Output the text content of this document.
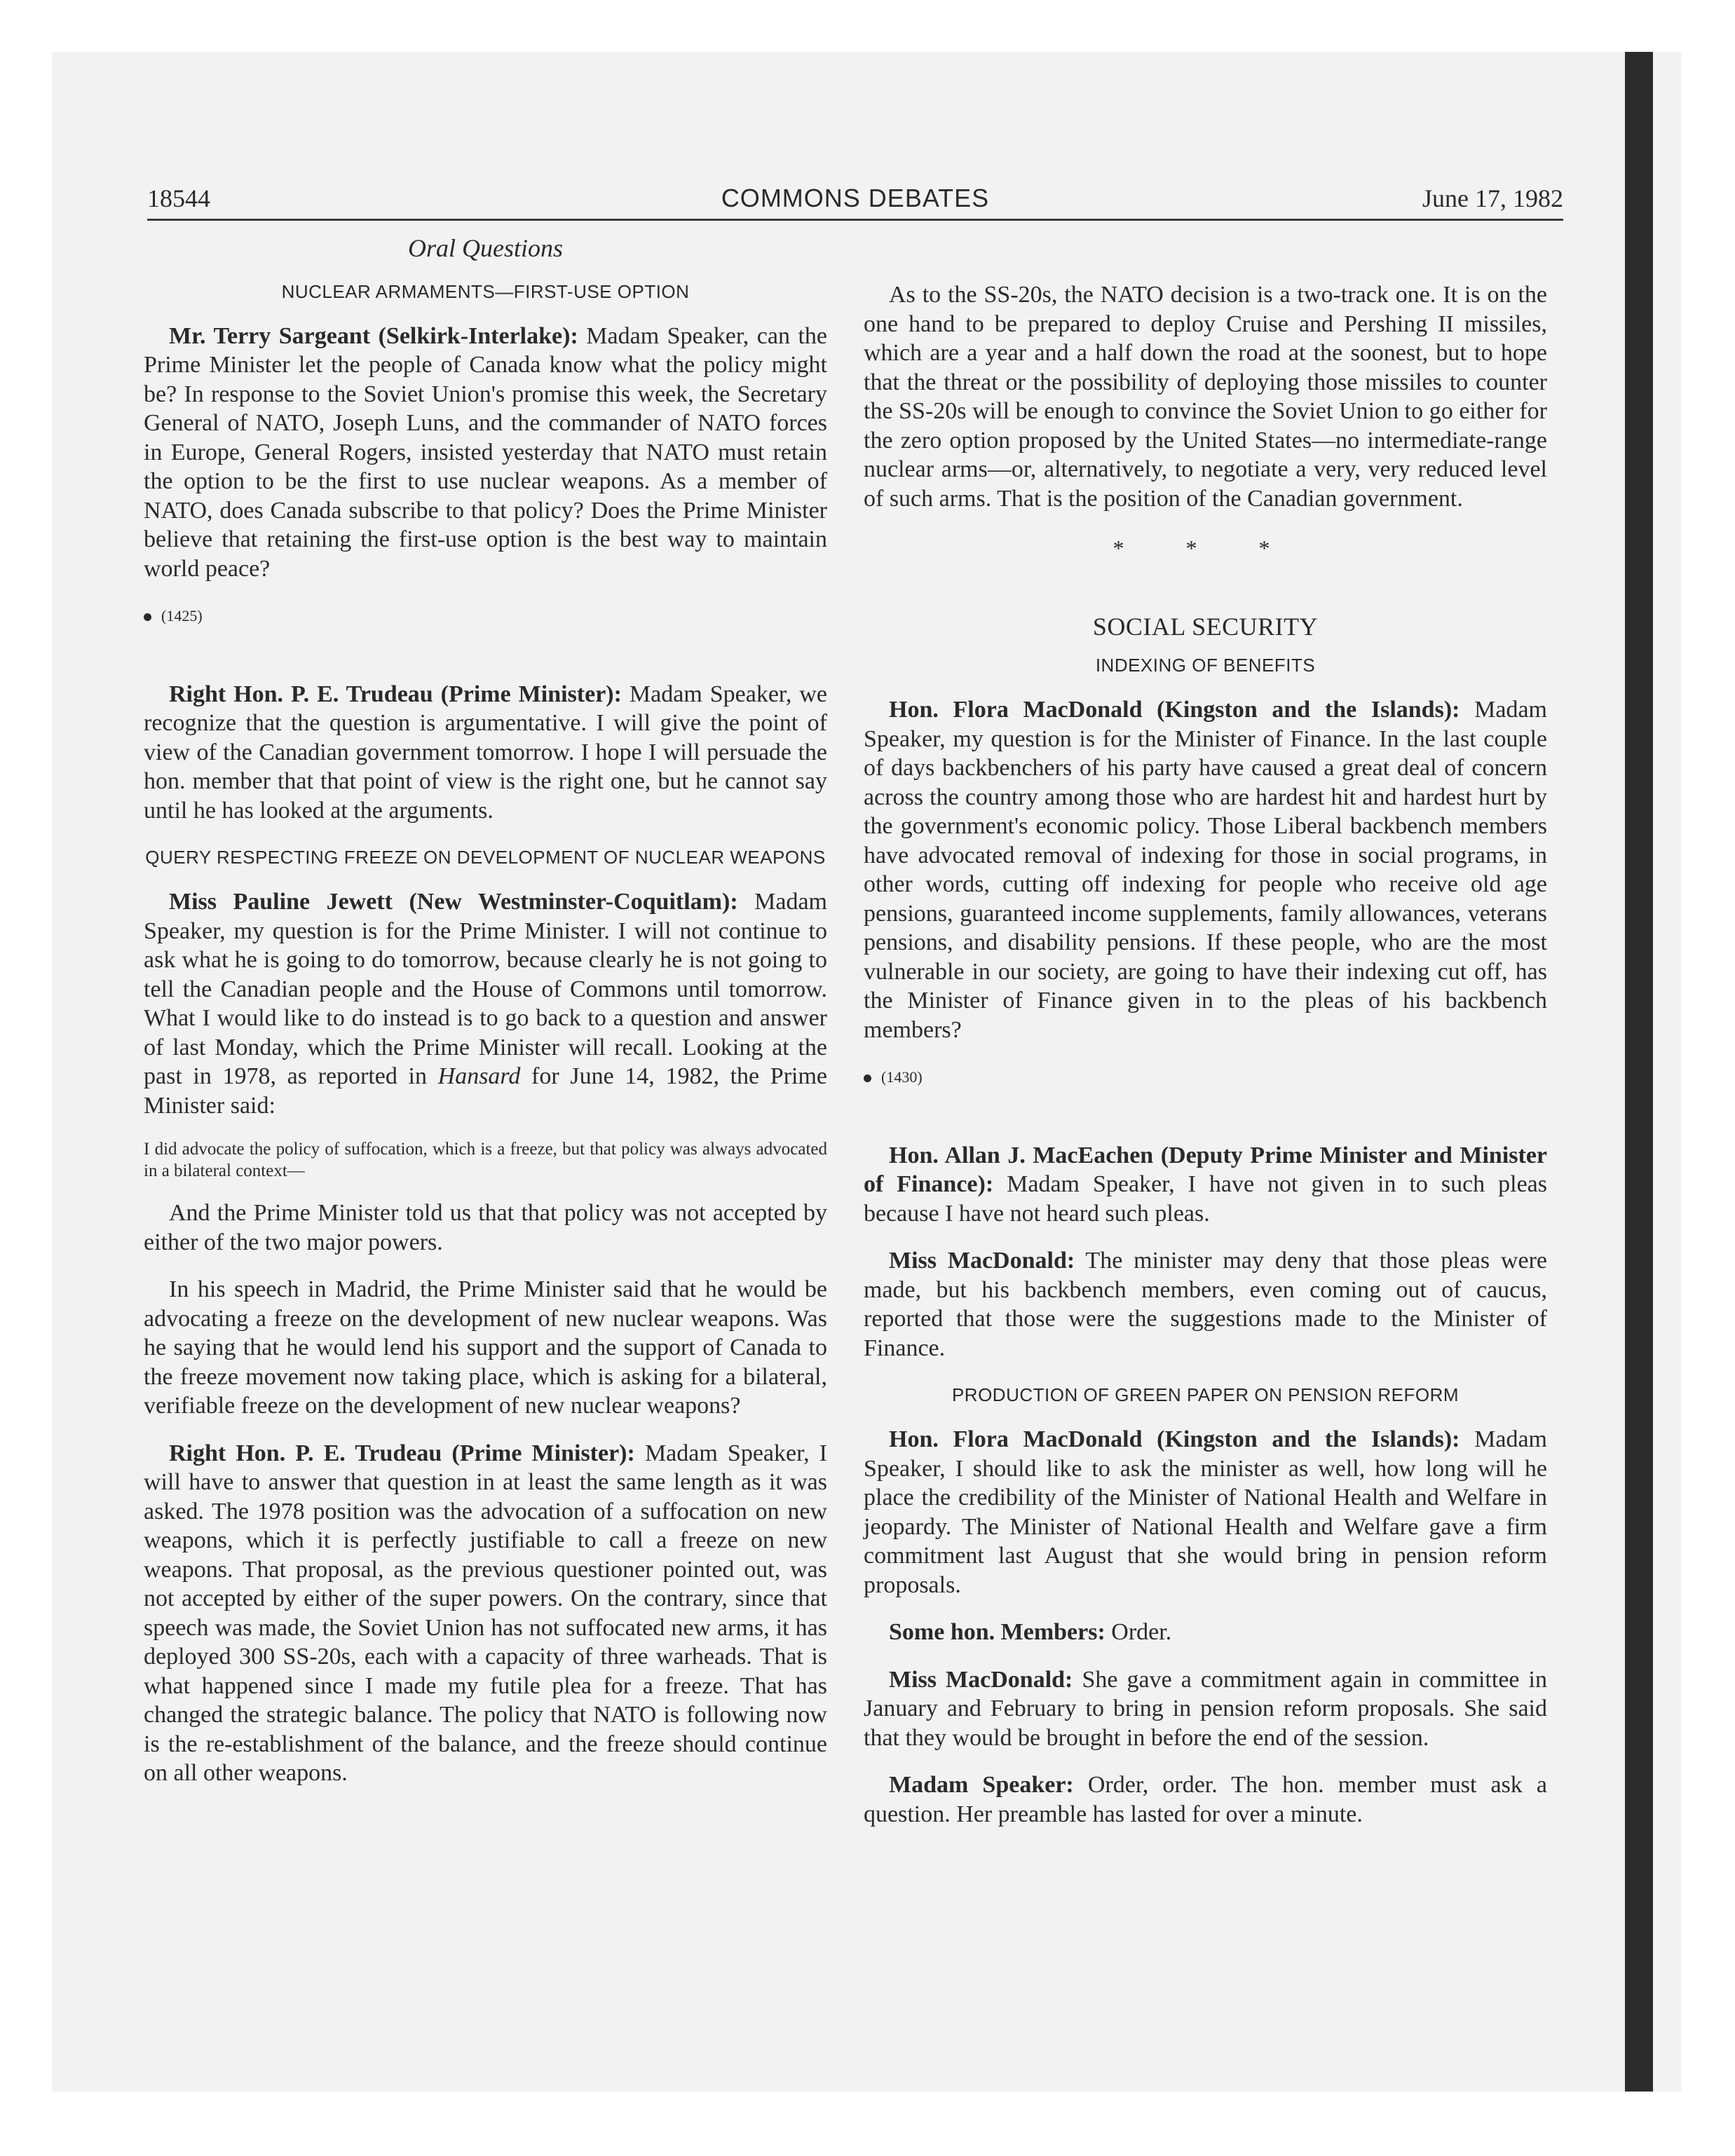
18544	COMMONS DEBATES	June 17, 1982

Oral Questions

NUCLEAR ARMAMENTS—FIRST-USE OPTION

Mr. Terry Sargeant (Selkirk-Interlake): Madam Speaker, can the Prime Minister let the people of Canada know what the policy might be? In response to the Soviet Union's promise this week, the Secretary General of NATO, Joseph Luns, and the commander of NATO forces in Europe, General Rogers, insisted yesterday that NATO must retain the option to be the first to use nuclear weapons. As a member of NATO, does Canada subscribe to that policy? Does the Prime Minister believe that retaining the first-use option is the best way to maintain world peace?

(1425)

Right Hon. P. E. Trudeau (Prime Minister): Madam Speaker, we recognize that the question is argumentative. I will give the point of view of the Canadian government tomorrow. I hope I will persuade the hon. member that that point of view is the right one, but he cannot say until he has looked at the arguments.

QUERY RESPECTING FREEZE ON DEVELOPMENT OF NUCLEAR WEAPONS

Miss Pauline Jewett (New Westminster-Coquitlam): Madam Speaker, my question is for the Prime Minister. I will not continue to ask what he is going to do tomorrow, because clearly he is not going to tell the Canadian people and the House of Commons until tomorrow. What I would like to do instead is to go back to a question and answer of last Monday, which the Prime Minister will recall. Looking at the past in 1978, as reported in Hansard for June 14, 1982, the Prime Minister said:

I did advocate the policy of suffocation, which is a freeze, but that policy was always advocated in a bilateral context—

And the Prime Minister told us that that policy was not accepted by either of the two major powers.

In his speech in Madrid, the Prime Minister said that he would be advocating a freeze on the development of new nuclear weapons. Was he saying that he would lend his support and the support of Canada to the freeze movement now taking place, which is asking for a bilateral, verifiable freeze on the development of new nuclear weapons?

Right Hon. P. E. Trudeau (Prime Minister): Madam Speaker, I will have to answer that question in at least the same length as it was asked. The 1978 position was the advocation of a suffocation on new weapons, which it is perfectly justifiable to call a freeze on new weapons. That proposal, as the previous questioner pointed out, was not accepted by either of the super powers. On the contrary, since that speech was made, the Soviet Union has not suffocated new arms, it has deployed 300 SS-20s, each with a capacity of three warheads. That is what happened since I made my futile plea for a freeze. That has changed the strategic balance. The policy that NATO is following now is the re-establishment of the balance, and the freeze should continue on all other weapons.

As to the SS-20s, the NATO decision is a two-track one. It is on the one hand to be prepared to deploy Cruise and Pershing II missiles, which are a year and a half down the road at the soonest, but to hope that the threat or the possibility of deploying those missiles to counter the SS-20s will be enough to convince the Soviet Union to go either for the zero option proposed by the United States—no intermediate-range nuclear arms—or, alternatively, to negotiate a very, very reduced level of such arms. That is the position of the Canadian government.

* * *

SOCIAL SECURITY

INDEXING OF BENEFITS

Hon. Flora MacDonald (Kingston and the Islands): Madam Speaker, my question is for the Minister of Finance. In the last couple of days backbenchers of his party have caused a great deal of concern across the country among those who are hardest hit and hardest hurt by the government's economic policy. Those Liberal backbench members have advocated removal of indexing for those in social programs, in other words, cutting off indexing for people who receive old age pensions, guaranteed income supplements, family allowances, veterans pensions, and disability pensions. If these people, who are the most vulnerable in our society, are going to have their indexing cut off, has the Minister of Finance given in to the pleas of his backbench members?

(1430)

Hon. Allan J. MacEachen (Deputy Prime Minister and Minister of Finance): Madam Speaker, I have not given in to such pleas because I have not heard such pleas.

Miss MacDonald: The minister may deny that those pleas were made, but his backbench members, even coming out of caucus, reported that those were the suggestions made to the Minister of Finance.

PRODUCTION OF GREEN PAPER ON PENSION REFORM

Hon. Flora MacDonald (Kingston and the Islands): Madam Speaker, I should like to ask the minister as well, how long will he place the credibility of the Minister of National Health and Welfare in jeopardy. The Minister of National Health and Welfare gave a firm commitment last August that she would bring in pension reform proposals.

Some hon. Members: Order.

Miss MacDonald: She gave a commitment again in committee in January and February to bring in pension reform proposals. She said that they would be brought in before the end of the session.

Madam Speaker: Order, order. The hon. member must ask a question. Her preamble has lasted for over a minute.
